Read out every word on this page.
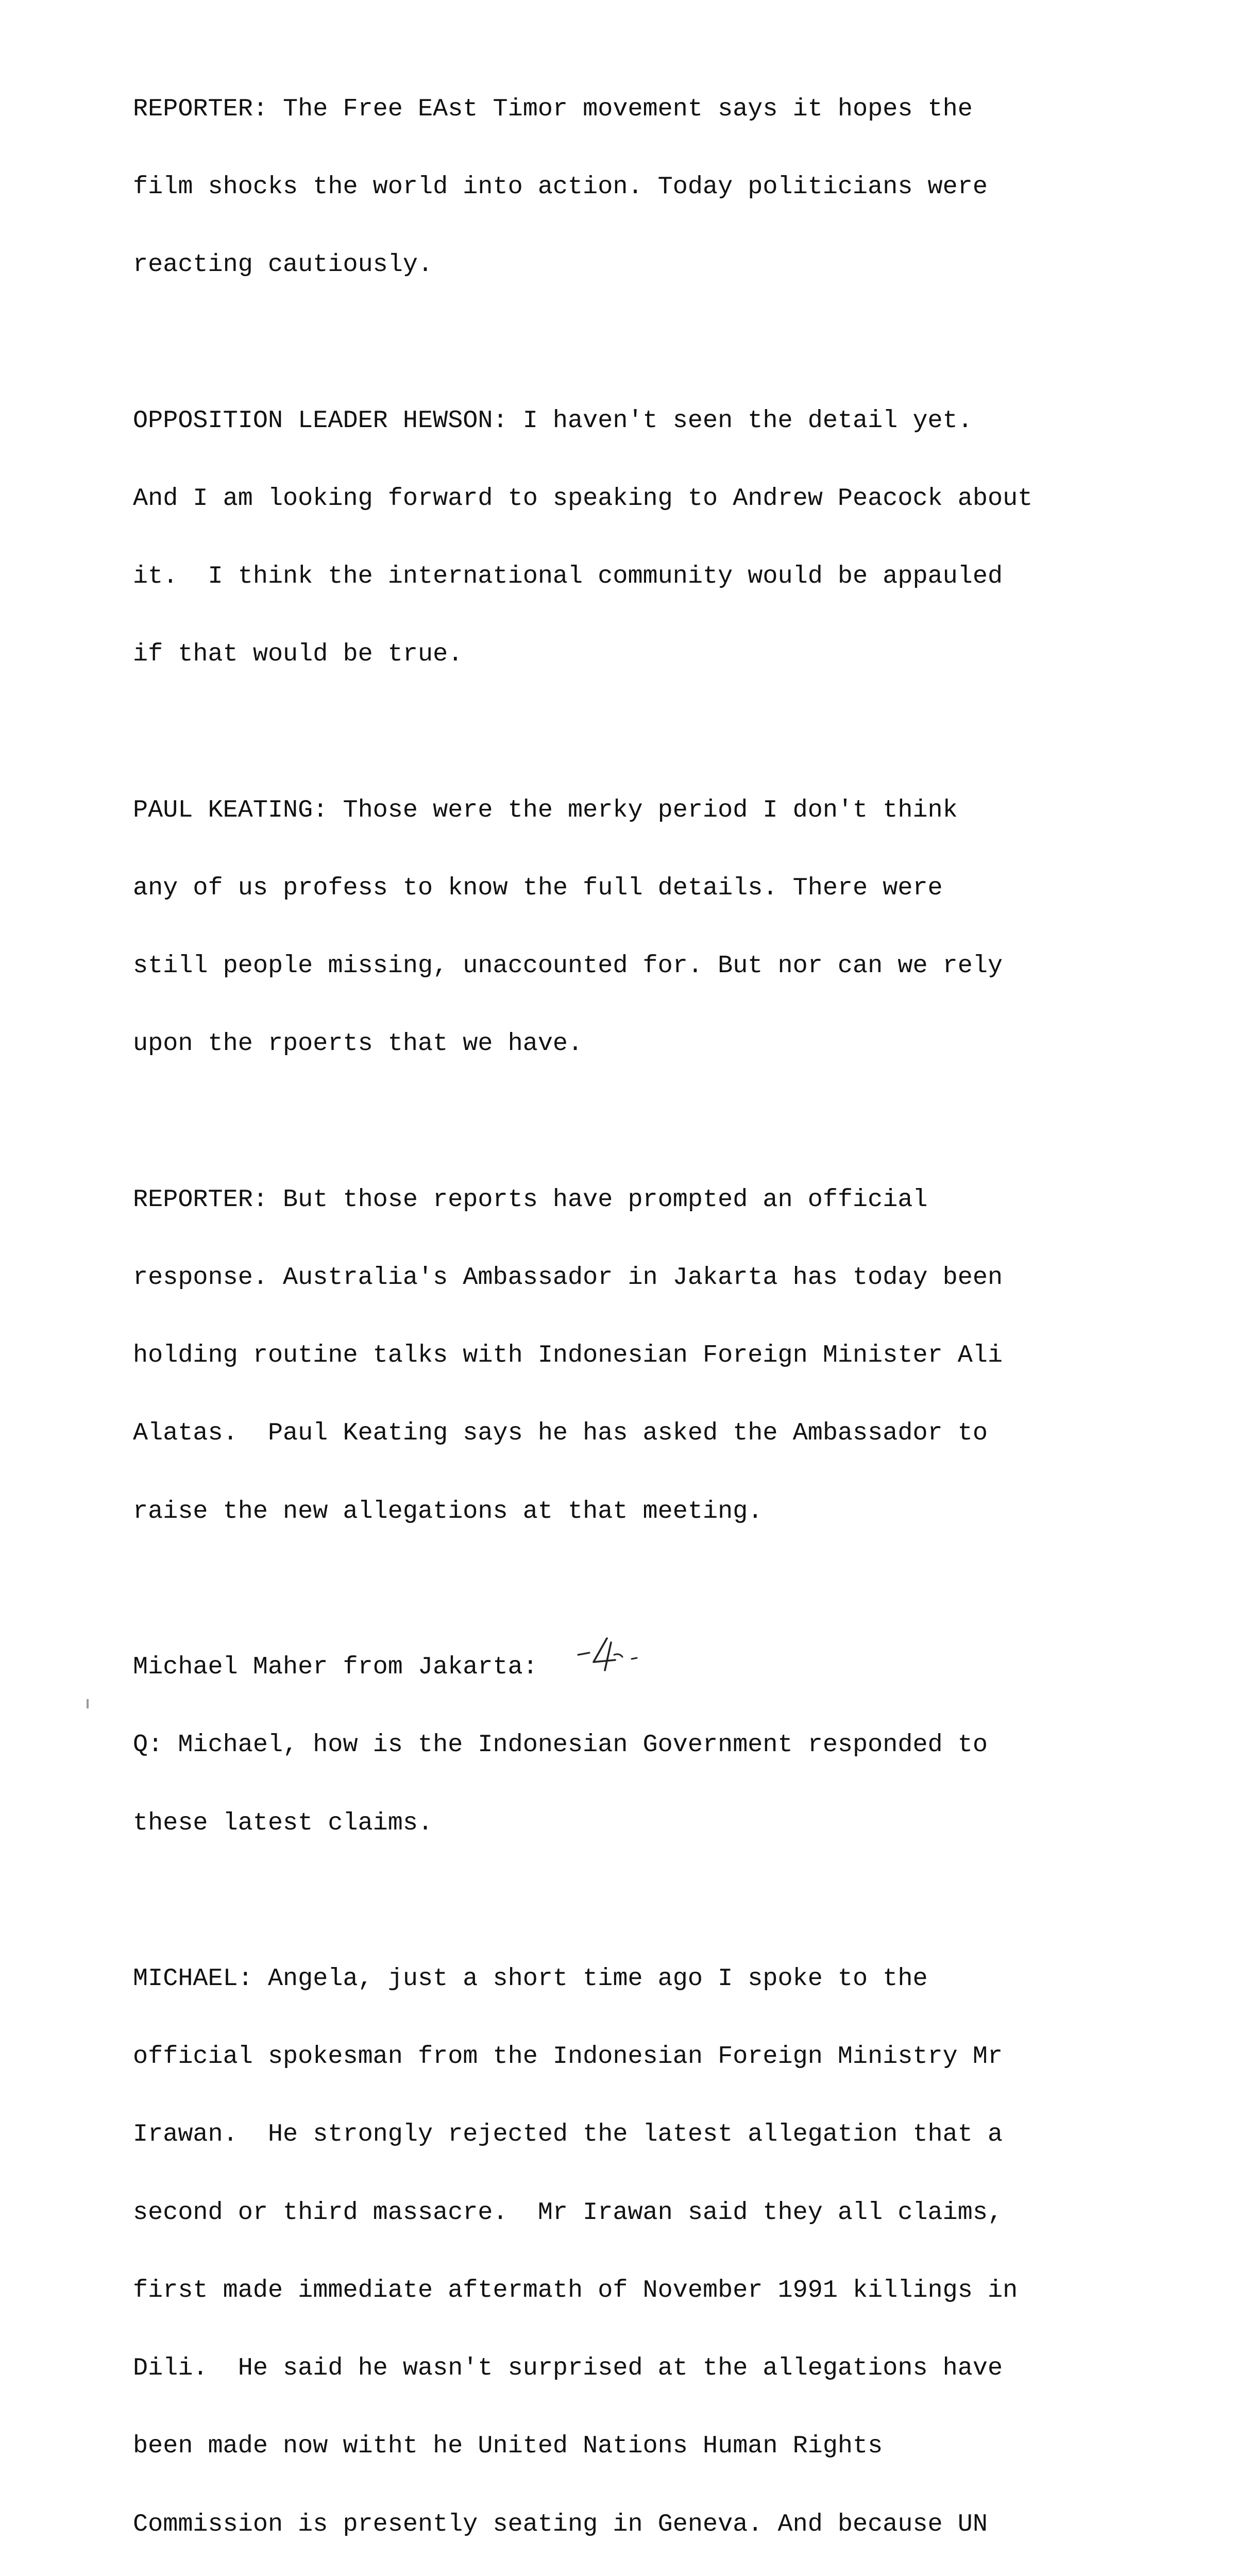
REPORTER: The Free EAst Timor movement says it hopes the

film shocks the world into action. Today politicians were

reacting cautiously.

OPPOSITION LEADER HEWSON: I haven't seen the detail yet.

And I am looking forward to speaking to Andrew Peacock about

it.  I think the international community would be appauled

if that would be true.

PAUL KEATING: Those were the merky period I don't think

any of us profess to know the full details. There were

still people missing, unaccounted for. But nor can we rely

upon the rpoerts that we have.

REPORTER: But those reports have prompted an official

response. Australia's Ambassador in Jakarta has today been

holding routine talks with Indonesian Foreign Minister Ali

Alatas.  Paul Keating says he has asked the Ambassador to

raise the new allegations at that meeting.

Michael Maher from Jakarta:

Q: Michael, how is the Indonesian Government responded to

these latest claims.

MICHAEL: Angela, just a short time ago I spoke to the

official spokesman from the Indonesian Foreign Ministry Mr

Irawan.  He strongly rejected the latest allegation that a

second or third massacre.  Mr Irawan said they all claims,

first made immediate aftermath of November 1991 killings in

Dili.  He said he wasn't surprised at the allegations have

been made now witht he United Nations Human Rights

Commission is presently seating in Geneva. And because UN
